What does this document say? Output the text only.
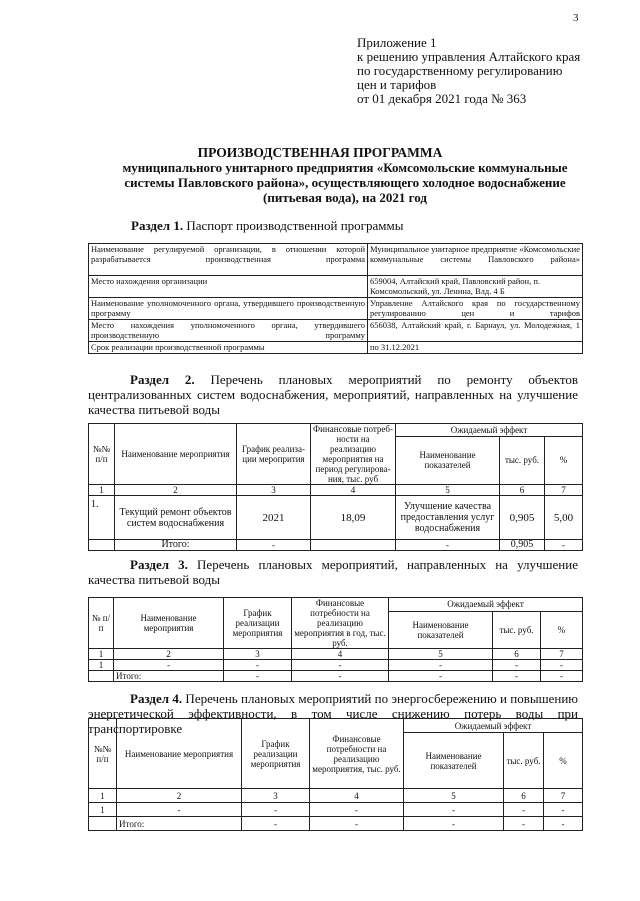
3
Приложение 1
к решению управления Алтайского края
по государственному регулированию
цен и тарифов
от 01 декабря 2021 года № 363
ПРОИЗВОДСТВЕННАЯ ПРОГРАММА
муниципального унитарного предприятия «Комсомольские коммунальные системы Павловского района», осуществляющего холодное водоснабжение (питьевая вода), на 2021 год
Раздел 1. Паспорт производственной программы
Наименование регулируемой организации, в отношении которой разрабатывается производственная программа	Муниципальное унитарное предприятие «Комсомольские коммунальные системы Павловского района»
Место нахождения организации	659004, Алтайский край, Павловский район, п. Комсомольский, ул. Ленина, Влд. 4 Б
Наименование уполномоченного органа, утвердившего производственную программу	Управление Алтайского края по государственному регулированию цен и тарифов
Место нахождения уполномоченного органа, утвердившего производственную программу	656038, Алтайский край, г. Барнаул, ул. Молодежная, 1
Срок реализации производственной программы	по 31.12.2021
Раздел 2. Перечень плановых мероприятий по ремонту объектов централизованных систем водоснабжения, мероприятий, направленных на улучшение качества питьевой воды
№№ п/п	Наименование мероприятия	График реализа-ции меропрития	Финансовые потреб-ности на реализацию мероприятия на период регулирова-ния, тыс. руб	Ожидаемый эффект		
				Наименование показателей	тыс. руб.	%
1	2	3	4	5	6	7
1.	Текущий ремонт объектов систем водоснабжения	2021	18,09	Улучшение качества предоставления услуг водоснабжения	0,905	5,00
	Итого:	-		-	0,905	-
Раздел 3. Перечень плановых мероприятий, направленных на улучшение качества питьевой воды
№ п/п	Наименование мероприятия	График реализации мероприятия	Финансовые потребности на реализацию мероприятия в год, тыс. руб.	Ожидаемый эффект		
				Наименование показателей	тыс. руб.	%
1	2	3	4	5	6	7
1	-	-	-	-	-	-
	Итого:	-	-	-	-	-
Раздел 4. Перечень плановых мероприятий по энергосбережению и повышению энергетической эффективности, в том числе снижению потерь воды при транспортировке
№№ п/п	Наименование мероприятия	График реализации мероприятия	Финансовые потребности на реализацию мероприятия, тыс. руб.	Ожидаемый эффект		
				Наименование показателей	тыс. руб.	%
1	2	3	4	5	6	7
1	-	-	-	-	-	-
	Итого:	-	-	-	-	-
